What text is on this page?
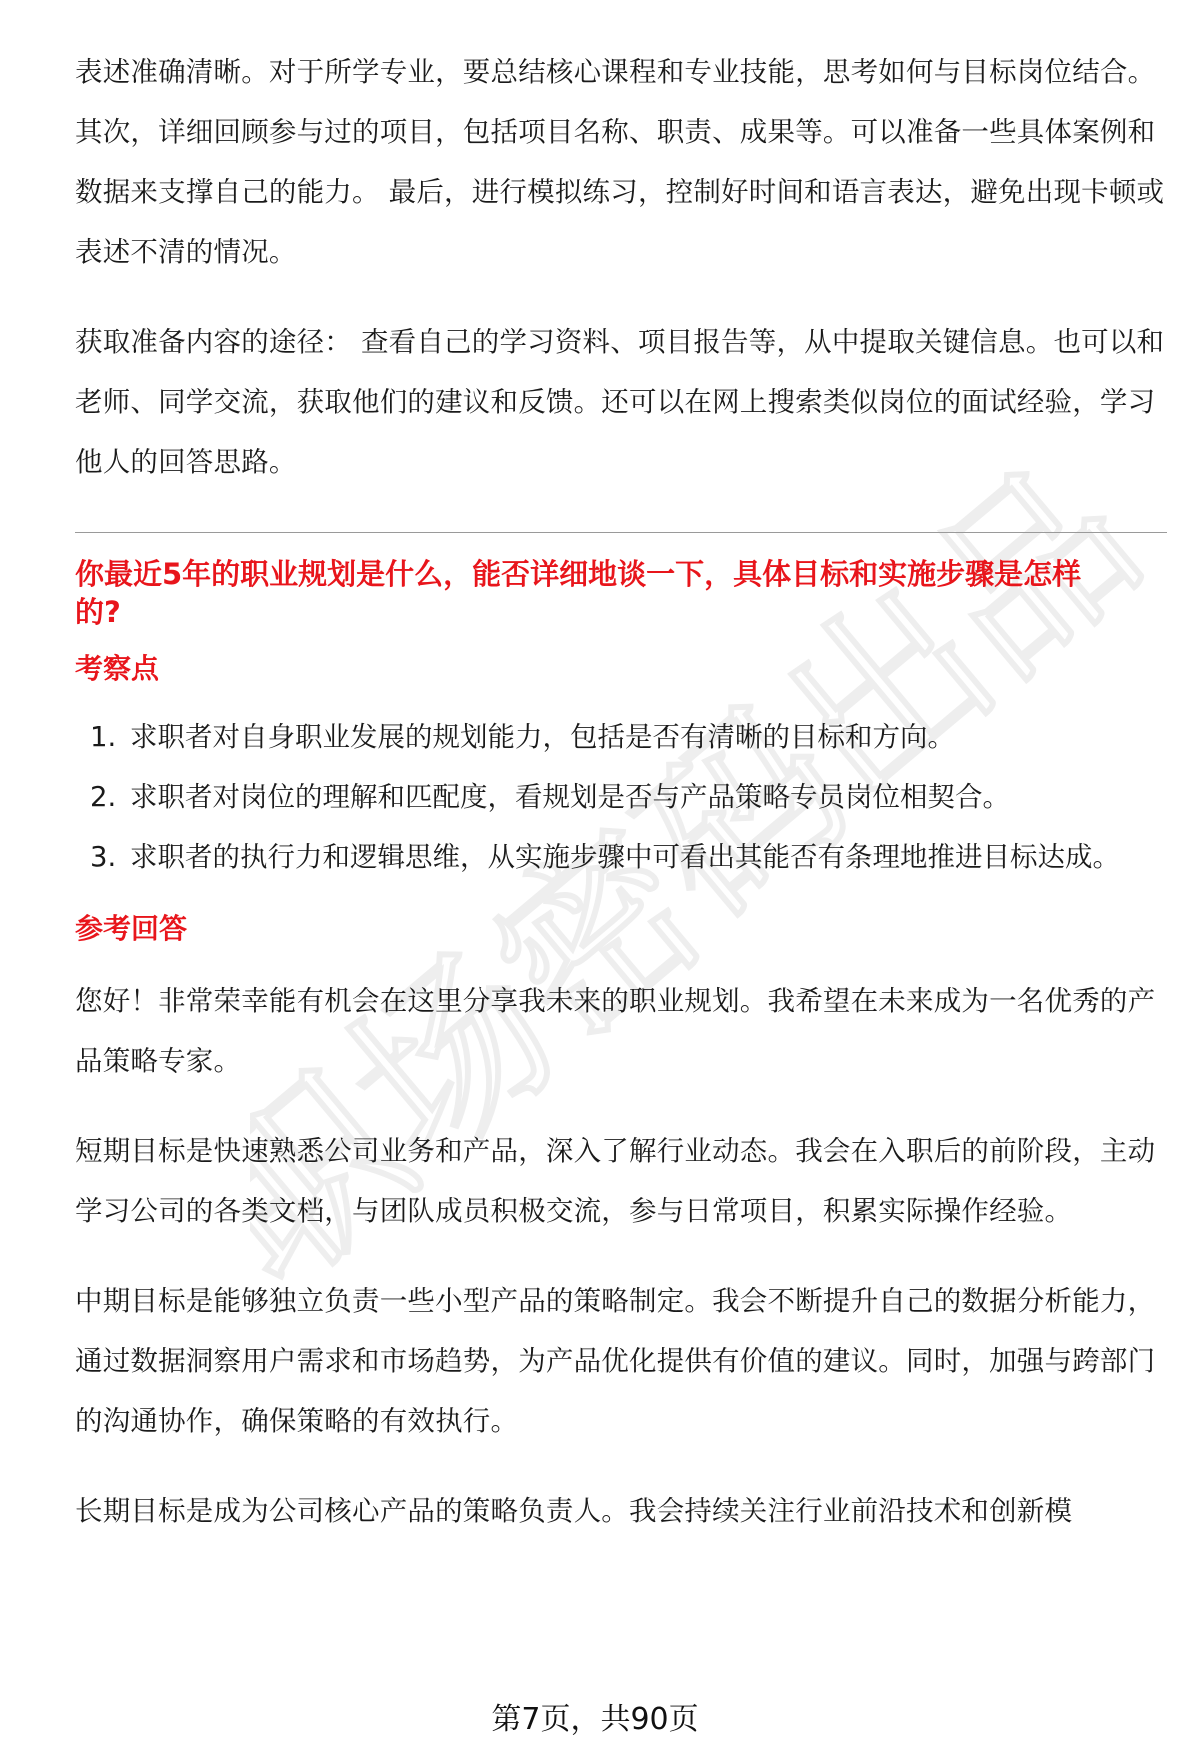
职场密码出品

表述准确清晰。对于所学专业，要总结核心课程和专业技能，思考如何与目标岗位结合。 其次，详细回顾参与过的项目，包括项目名称、职责、成果等。可以准备一些具体案例和数据来支撑自己的能力。 最后，进行模拟练习，控制好时间和语言表达，避免出现卡顿或表述不清的情况。

获取准备内容的途径： 查看自己的学习资料、项目报告等，从中提取关键信息。也可以和老师、同学交流，获取他们的建议和反馈。还可以在网上搜索类似岗位的面试经验，学习他人的回答思路。

你最近5年的职业规划是什么，能否详细地谈一下，具体目标和实施步骤是怎样的?

考察点

1. 求职者对自身职业发展的规划能力，包括是否有清晰的目标和方向。
2. 求职者对岗位的理解和匹配度，看规划是否与产品策略专员岗位相契合。
3. 求职者的执行力和逻辑思维，从实施步骤中可看出其能否有条理地推进目标达成。

参考回答

您好！非常荣幸能有机会在这里分享我未来的职业规划。我希望在未来成为一名优秀的产品策略专家。

短期目标是快速熟悉公司业务和产品，深入了解行业动态。我会在入职后的前阶段，主动学习公司的各类文档，与团队成员积极交流，参与日常项目，积累实际操作经验。

中期目标是能够独立负责一些小型产品的策略制定。我会不断提升自己的数据分析能力，通过数据洞察用户需求和市场趋势，为产品优化提供有价值的建议。同时，加强与跨部门的沟通协作，确保策略的有效执行。

长期目标是成为公司核心产品的策略负责人。我会持续关注行业前沿技术和创新模

第7页，共90页
